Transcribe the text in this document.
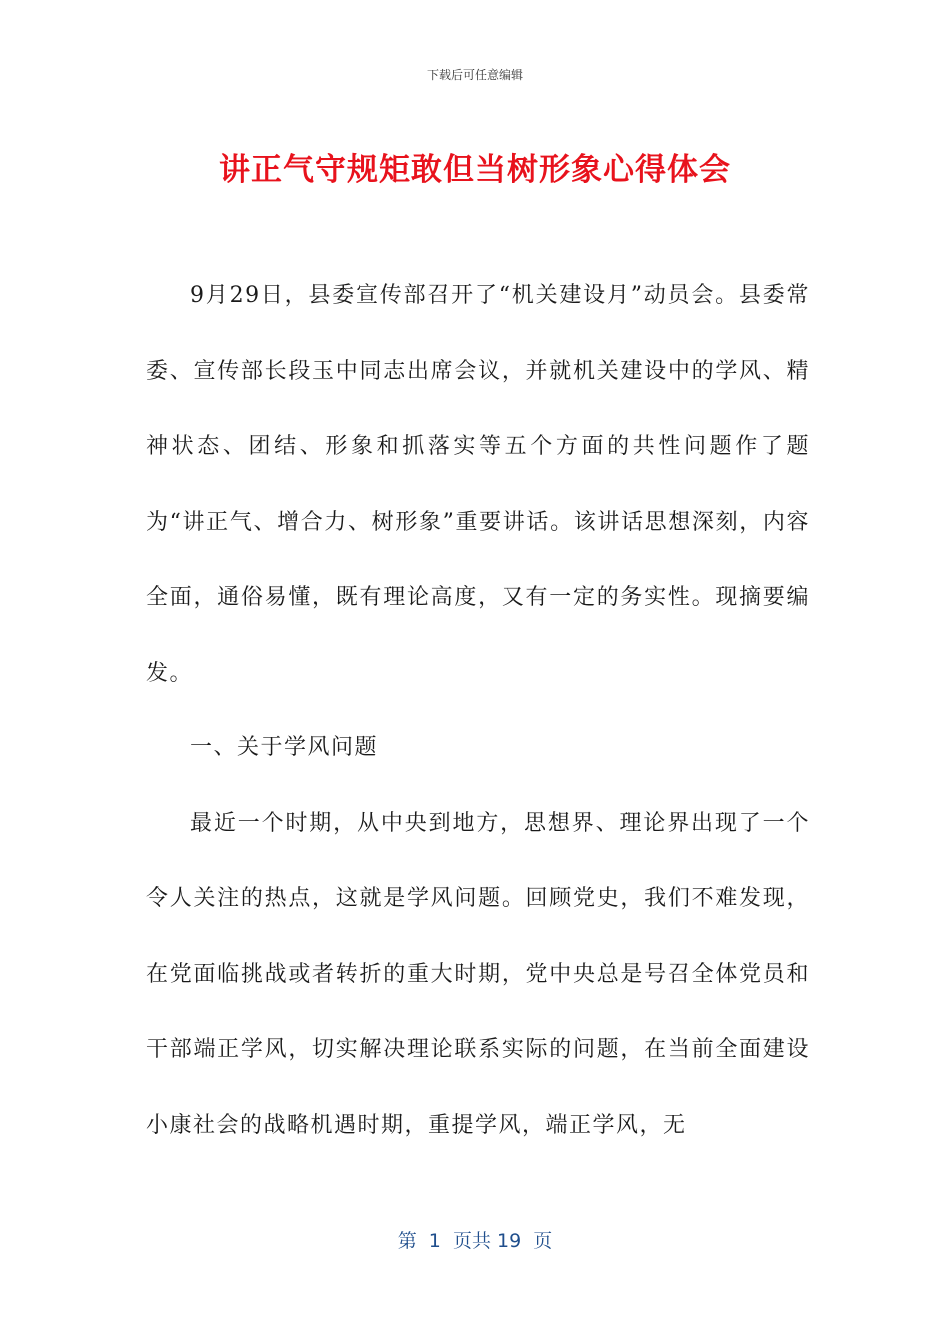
下载后可任意编辑
讲正气守规矩敢但当树形象心得体会

9月29日，县委宣传部召开了“机关建设月”动员会。县委常委、宣传部长段玉中同志出席会议，并就机关建设中的学风、精神状态、团结、形象和抓落实等五个方面的共性问题作了题为“讲正气、增合力、树形象”重要讲话。该讲话思想深刻，内容全面，通俗易懂，既有理论高度，又有一定的务实性。现摘要编发。

一、关于学风问题

最近一个时期，从中央到地方，思想界、理论界出现了一个令人关注的热点，这就是学风问题。回顾党史，我们不难发现，在党面临挑战或者转折的重大时期，党中央总是号召全体党员和干部端正学风，切实解决理论联系实际的问题，在当前全面建设小康社会的战略机遇时期，重提学风，端正学风，无

第  1  页共 19  页
